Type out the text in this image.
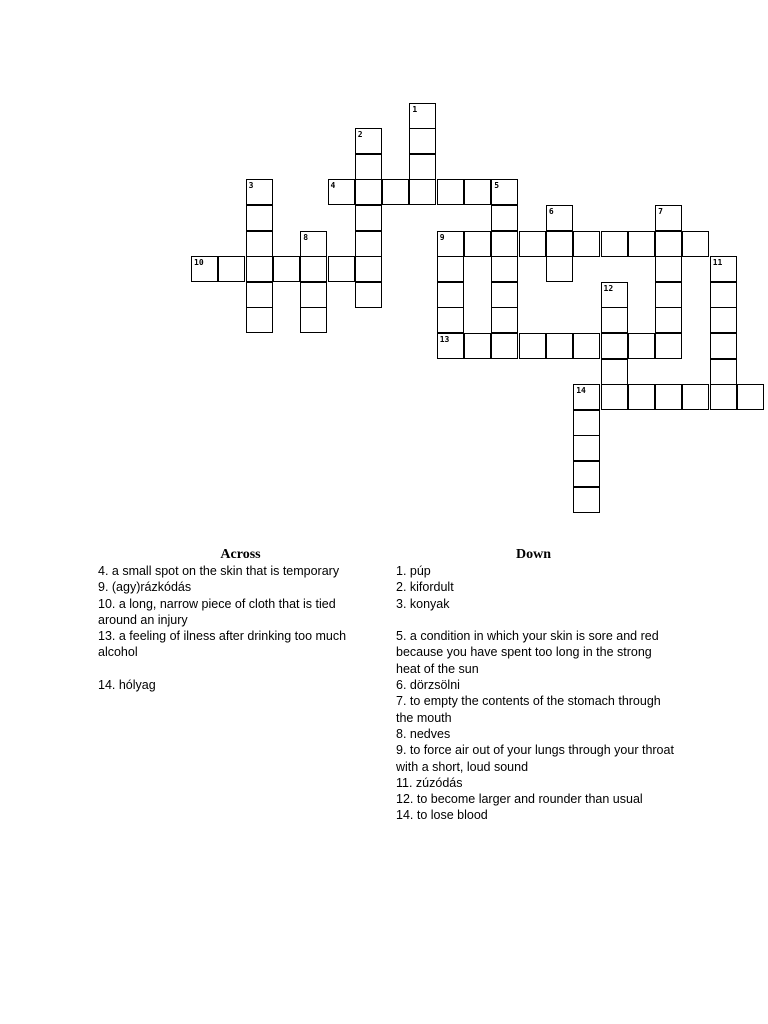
1
2
3
8
4	5
6	7
9
13
10	11
12
14
Across

4. a small spot on the skin that is temporary

9. (agy)rázkódás

10. a long, narrow piece of cloth that is tied around an injury

13. a feeling of ilness after drinking too much alcohol

14. hólyag

Down

1. púp

2. kifordult

3. konyak

5. a condition in which your skin is sore and red because you have spent too long in the strong heat of the sun

6. dörzsölni

7. to empty the contents of the stomach through the mouth

8. nedves

9. to force air out of your lungs through your throat with a short, loud sound

11. zúzódás

12. to become larger and rounder than usual

14. to lose blood
